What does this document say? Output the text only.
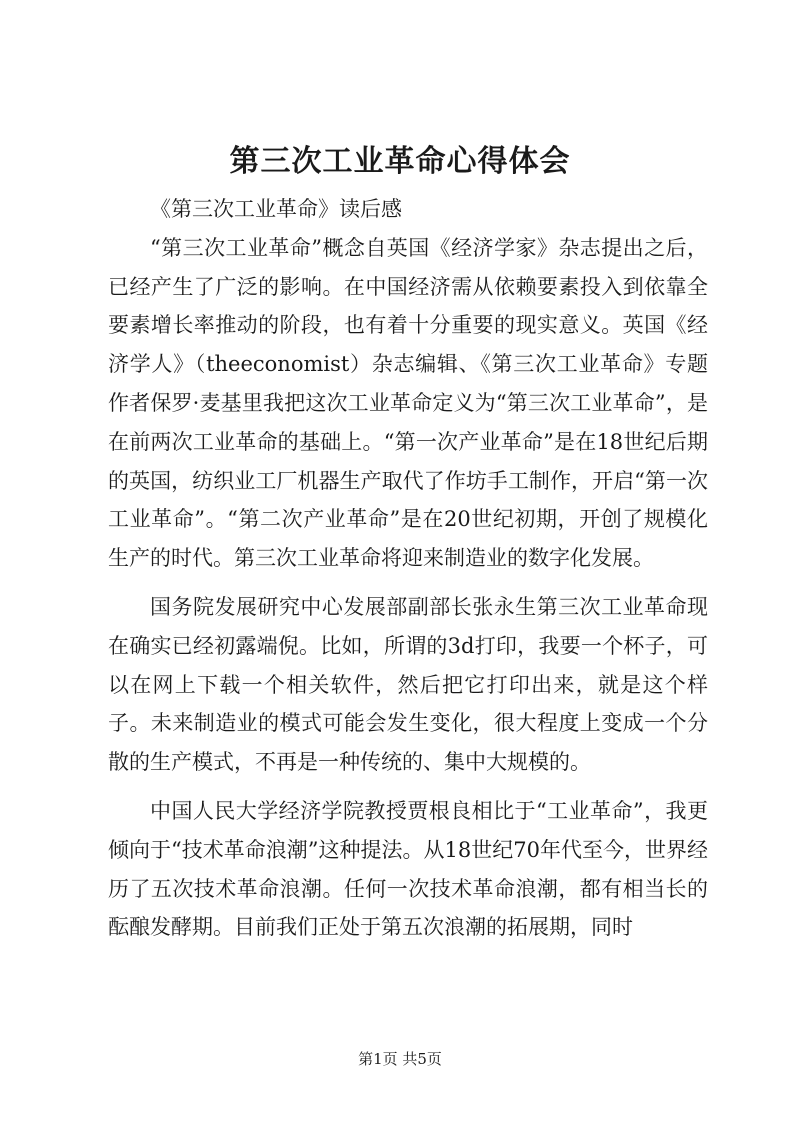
第三次工业革命心得体会

《第三次工业革命》读后感

“第三次工业革命”概念自英国《经济学家》杂志提出之后，已经产生了广泛的影响。在中国经济需从依赖要素投入到依靠全要素增长率推动的阶段，也有着十分重要的现实意义。英国《经济学人》（theeconomist）杂志编辑、《第三次工业革命》专题作者保罗·麦基里我把这次工业革命定义为“第三次工业革命”，是在前两次工业革命的基础上。“第一次产业革命”是在18世纪后期的英国，纺织业工厂机器生产取代了作坊手工制作，开启“第一次工业革命”。“第二次产业革命”是在20世纪初期，开创了规模化生产的时代。第三次工业革命将迎来制造业的数字化发展。

国务院发展研究中心发展部副部长张永生第三次工业革命现在确实已经初露端倪。比如，所谓的3d打印，我要一个杯子，可以在网上下载一个相关软件，然后把它打印出来，就是这个样子。未来制造业的模式可能会发生变化，很大程度上变成一个分散的生产模式，不再是一种传统的、集中大规模的。

中国人民大学经济学院教授贾根良相比于“工业革命”，我更倾向于“技术革命浪潮”这种提法。从18世纪70年代至今，世界经历了五次技术革命浪潮。任何一次技术革命浪潮，都有相当长的酝酿发酵期。目前我们正处于第五次浪潮的拓展期，同时

第1页 共5页
